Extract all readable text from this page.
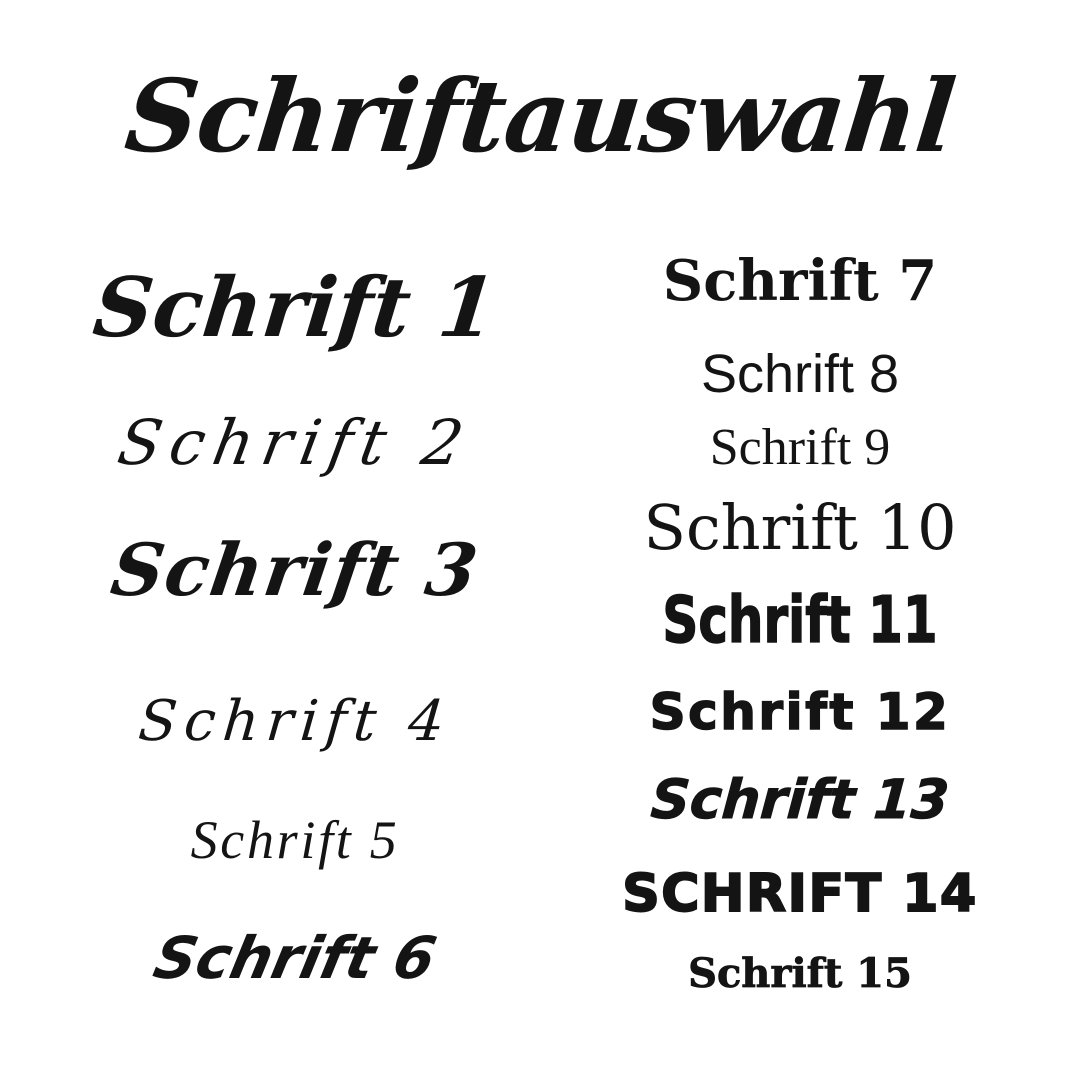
Schriftauswahl
Schrift 1
Schrift 2
Schrift 3
Schrift 4
Schrift 5
Schrift 6
Schrift 7
Schrift 8
Schrift 9
Schrift 10
Schrift 11
Schrift 12
Schrift 13
SCHRIFT 14
Schrift 15
